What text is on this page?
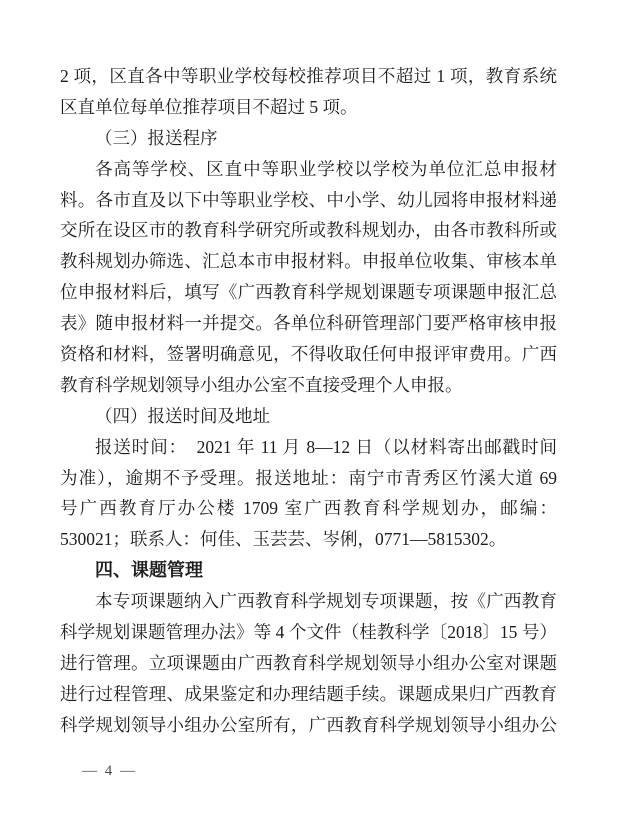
2 项，区直各中等职业学校每校推荐项目不超过 1 项，教育系统
区直单位每单位推荐项目不超过 5 项。
（三）报送程序
各高等学校、区直中等职业学校以学校为单位汇总申报材
料。各市直及以下中等职业学校、中小学、幼儿园将申报材料递
交所在设区市的教育科学研究所或教科规划办，由各市教科所或
教科规划办筛选、汇总本市申报材料。申报单位收集、审核本单
位申报材料后，填写《广西教育科学规划课题专项课题申报汇总
表》随申报材料一并提交。各单位科研管理部门要严格审核申报
资格和材料，签署明确意见，不得收取任何申报评审费用。广西
教育科学规划领导小组办公室不直接受理个人申报。
（四）报送时间及地址
报送时间：　2021 年 11 月 8—12 日（以材料寄出邮戳时间
为准），逾期不予受理。报送地址：南宁市青秀区竹溪大道 69
号广西教育厅办公楼 1709 室广西教育科学规划办，邮编：
530021；联系人：何佳、玉芸芸、岑俐，0771—5815302。
四、课题管理
本专项课题纳入广西教育科学规划专项课题，按《广西教育
科学规划课题管理办法》等 4 个文件（桂教科学〔2018〕15 号）
进行管理。立项课题由广西教育科学规划领导小组办公室对课题
进行过程管理、成果鉴定和办理结题手续。课题成果归广西教育
科学规划领导小组办公室所有，广西教育科学规划领导小组办公
— 4 —
